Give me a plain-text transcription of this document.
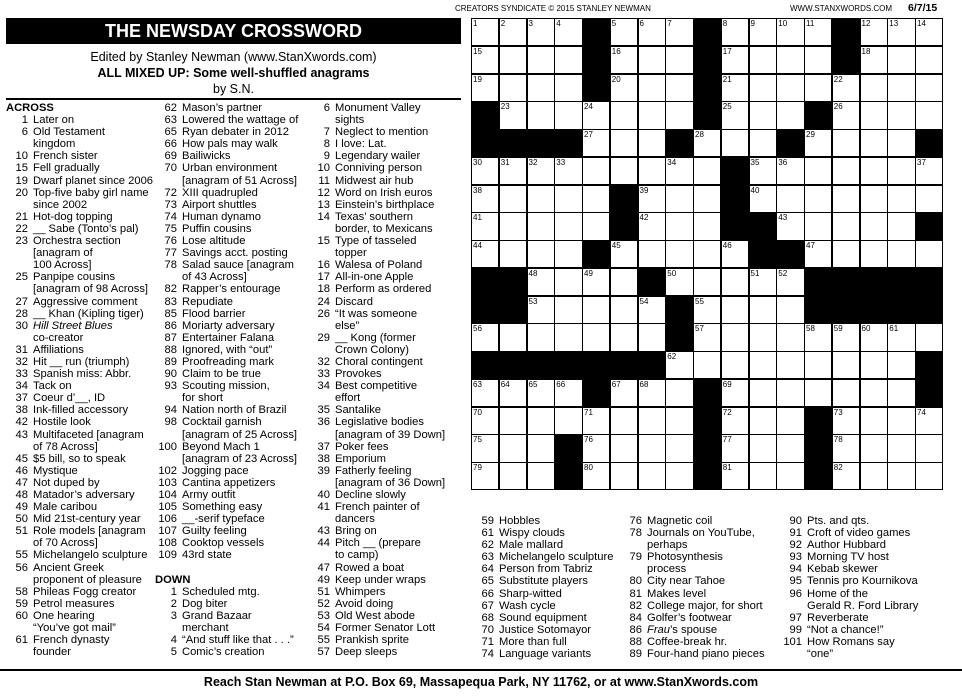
CREATORS SYNDICATE © 2015 STANLEY NEWMAN	WWW.STANXWORDS.COM 6/7/15
THE NEWSDAY CROSSWORD
Edited by Stanley Newman (www.StanXwords.com)
ALL MIXED UP: Some well-shuffled anagrams
by S.N.
ACROSS
1 Later on
6 Old Testament
kingdom
10 French sister
15 Fell gradually
19 Dwarf planet since 2006
20 Top-five baby girl name
since 2002
21 Hot-dog topping
22 __ Sabe (Tonto’s pal)
23 Orchestra section
[anagram of
100 Across]
25 Panpipe cousins
[anagram of 98 Across]
27 Aggressive comment
28 __ Khan (Kipling tiger)
30 Hill Street Blues
co-creator
31 Affiliations
32 Hit __ run (triumph)
33 Spanish miss: Abbr.
34 Tack on
37 Coeur d’__, ID
38 Ink-filled accessory
42 Hostile look
43 Multifaceted [anagram
of 78 Across]
45 $5 bill, so to speak
46 Mystique
47 Not duped by
48 Matador’s adversary
49 Male caribou
50 Mid 21st-century year
51 Role models [anagram
of 70 Across]
55 Michelangelo sculpture
56 Ancient Greek
proponent of pleasure
58 Phileas Fogg creator
59 Petrol measures
60 One hearing
“You’ve got mail”
61 French dynasty
founder
62 Mason’s partner
63 Lowered the wattage of
65 Ryan debater in 2012
66 How pals may walk
69 Bailiwicks
70 Urban environment
[anagram of 51 Across]
72 XIII quadrupled
73 Airport shuttles
74 Human dynamo
75 Puffin cousins
76 Lose altitude
77 Savings acct. posting
78 Salad sauce [anagram
of 43 Across]
82 Rapper’s entourage
83 Repudiate
85 Flood barrier
86 Moriarty adversary
87 Entertainer Falana
88 Ignored, with “out”
89 Proofreading mark
90 Claim to be true
93 Scouting mission,
for short
94 Nation north of Brazil
98 Cocktail garnish
[anagram of 25 Across]
100 Beyond Mach 1
[anagram of 23 Across]
102 Jogging pace
103 Cantina appetizers
104 Army outfit
105 Something easy
106 __-serif typeface
107 Guilty feeling
108 Cooktop vessels
109 43rd state
DOWN
1 Scheduled mtg.
2 Dog biter
3 Grand Bazaar
merchant
4 “And stuff like that . . .”
5 Comic’s creation
6 Monument Valley
sights
7 Neglect to mention
8 I love: Lat.
9 Legendary wailer
10 Conniving person
11 Midwest air hub
12 Word on Irish euros
13 Einstein’s birthplace
14 Texas’ southern
border, to Mexicans
15 Type of tasseled
topper
16 Walesa of Poland
17 All-in-one Apple
18 Perform as ordered
24 Discard
26 “It was someone
else”
29 __ Kong (former
Crown Colony)
32 Choral contingent
33 Provokes
34 Best competitive
effort
35 Santalike
36 Legislative bodies
[anagram of 39 Down]
37 Poker fees
38 Emporium
39 Fatherly feeling
[anagram of 36 Down]
40 Decline slowly
41 French painter of
dancers
43 Bring on
44 Pitch __ (prepare
to camp)
47 Rowed a boat
49 Keep under wraps
51 Whimpers
52 Avoid doing
53 Old West abode
54 Former Senator Lott
55 Prankish sprite
57 Deep sleeps
59 Hobbles
61 Wispy clouds
62 Male mallard
63 Michelangelo sculpture
64 Person from Tabriz
65 Substitute players
66 Sharp-witted
67 Wash cycle
68 Sound equipment
70 Justice Sotomayor
71 More than full
74 Language variants
76 Magnetic coil
78 Journals on YouTube,
perhaps
79 Photosynthesis
process
80 City near Tahoe
81 Makes level
82 College major, for short
84 Golfer’s footwear
86 Frau’s spouse
88 Coffee-break hr.
89 Four-hand piano pieces
90 Pts. and qts.
91 Croft of video games
92 Author Hubbard
93 Morning TV host
94 Kebab skewer
95 Tennis pro Kournikova
96 Home of the
Gerald R. Ford Library
97 Reverberate
99 “Not a chance!”
101 How Romans say
“one”
1	2	3	4	5	6	7	8	9	10 11	12 13 14
15	16	17	18
19	20	21	22
23	24	25	26
27	28	29
30 31 32 33	34	35 36	37
38	39	40
41	42	43
44	45	46	47
48	49	50	51 52
53	54	55
56	57	58 59 60 61
62
63 64 65 66	67 68	69
70	71	72	73	74
75	76	77	78
79	80	81	82
Reach Stan Newman at P.O. Box 69, Massapequa Park, NY 11762, or at www.StanXwords.com
